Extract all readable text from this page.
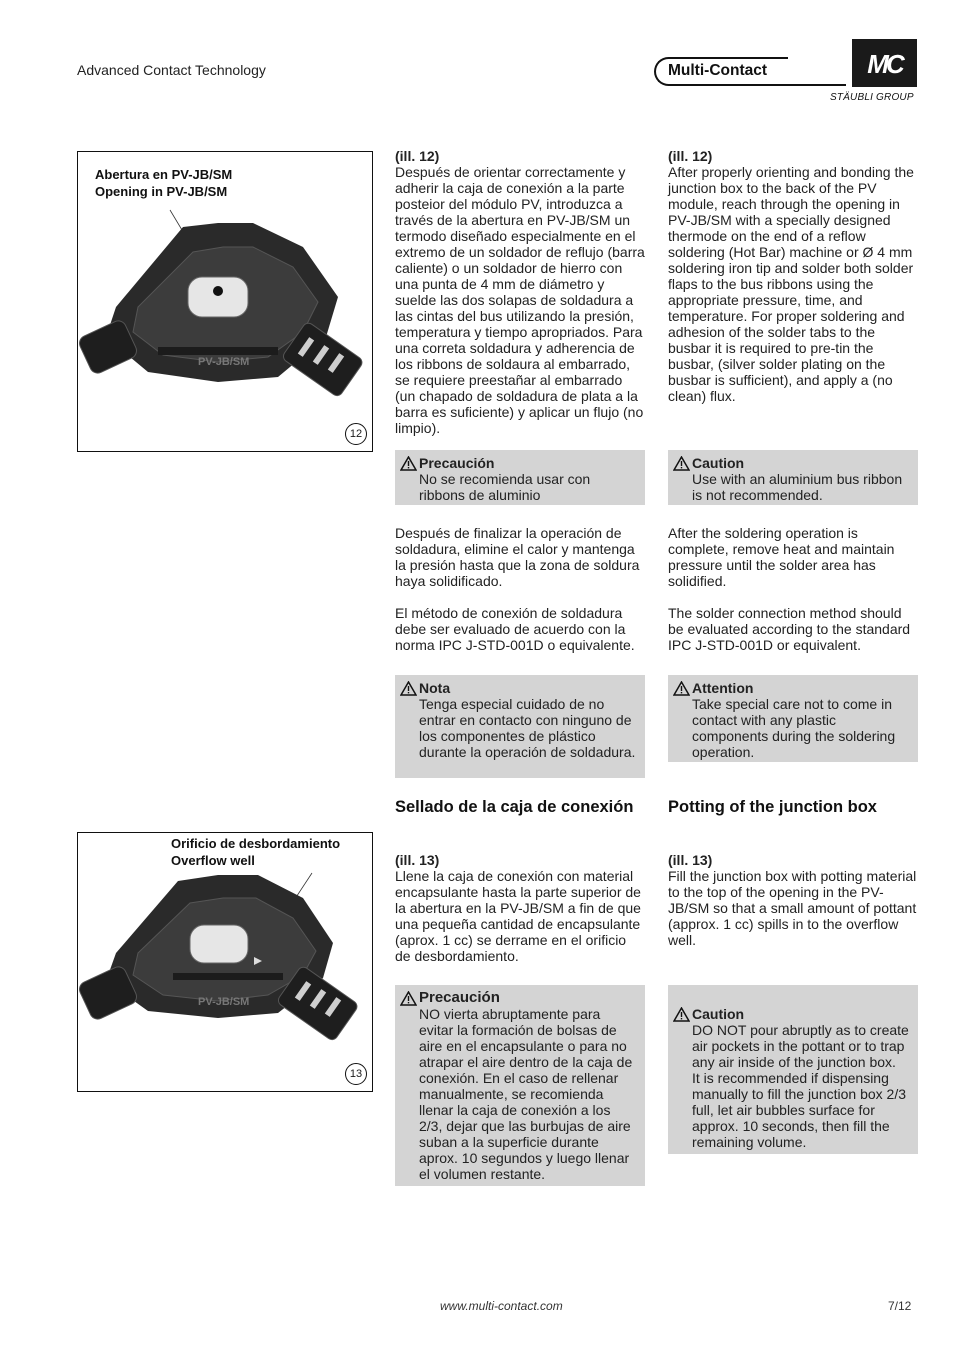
Advanced Contact Technology	Multi-Contact	MC
STÄUBLI GROUP
Abertura en PV-JB/SM
Opening in PV-JB/SM
PV-JB/SM
12
Orificio de desbordamiento
Overflow well
PV-JB/SM
13
(ill. 12)
Después de orientar correctamente y adherir la caja de conexión a la parte posteior del módulo PV, introduzca a través de la abertura en PV-JB/SM un termodo diseñado especialmente en el extremo de un soldador de reflujo (barra caliente) o un soldador de hierro con una punta de 4 mm de diámetro y suelde las dos solapas de soldadura a las cintas del bus utilizando la presión, temperatura y tiempo apropriados. Para una correta soldadura y adherencia de los ribbons de soldaura al embarrado, se requiere preestañar al embarrado (un chapado de soldadura de plata a la barra es suficiente) y aplicar un flujo (no limpio).
Precaución
No se recomienda usar con ribbons de aluminio
Después de finalizar la operación de soldadura, elimine el calor y mantenga la presión hasta que la zona de soldura haya solidificado.
El método de conexión de soldadura debe ser evaluado de acuerdo con la norma IPC J-STD-001D o equivalente.
Nota
Tenga especial cuidado de no entrar en contacto con ninguno de los componentes de plástico durante la operación de soldadura.
Sellado de la caja de conexión
(ill. 13)
Llene la caja de conexión con material encapsulante hasta la parte superior de la abertura en la PV-JB/SM a fin de que una pequeña cantidad de encapsulante (aprox. 1 cc) se derrame en el orificio de desbordamiento.
Precaución
NO vierta abruptamente para evitar la formación de bolsas de aire en el encapsulante o para no atrapar el aire dentro de la caja de conexión. En el caso de rellenar manualmente, se recomienda llenar la caja de conexión a los 2/3, dejar que las burbujas de aire suban a la superficie durante aprox. 10 segundos y luego llenar el volumen restante.
(ill. 12)
After properly orienting and bonding the junction box to the back of the PV module, reach through the opening in PV-JB/SM with a specially designed thermode on the end of a reflow soldering (Hot Bar) machine or Ø 4 mm soldering iron tip and solder both solder flaps to the bus ribbons using the appropriate pressure, time, and temperature. For proper soldering and adhesion of the solder tabs to the busbar it is required to pre-tin the busbar, (silver solder plating on the busbar is sufficient), and apply a (no clean) flux.
Caution
Use with an aluminium bus ribbon is not recommended.
After the soldering operation is complete, remove heat and maintain pressure until the solder area has solidified.
The solder connection method should be evaluated according to the standard IPC J-STD-001D or equivalent.
Attention
Take special care not to come in contact with any plastic components during the soldering operation.
Potting of the junction box
(ill. 13)
Fill the junction box with potting material to the top of the opening in the PV-JB/SM so that a small amount of pottant (approx. 1 cc) spills in to the overflow well.

Caution
DO NOT pour abruptly as to create air pockets in the pottant or to trap any air inside of the junction box.
It is recommended if dispensing manually to fill the junction box 2/3 full, let air bubbles surface for approx. 10 seconds, then fill the remaining volume.

www.multi-contact.com	7/12
